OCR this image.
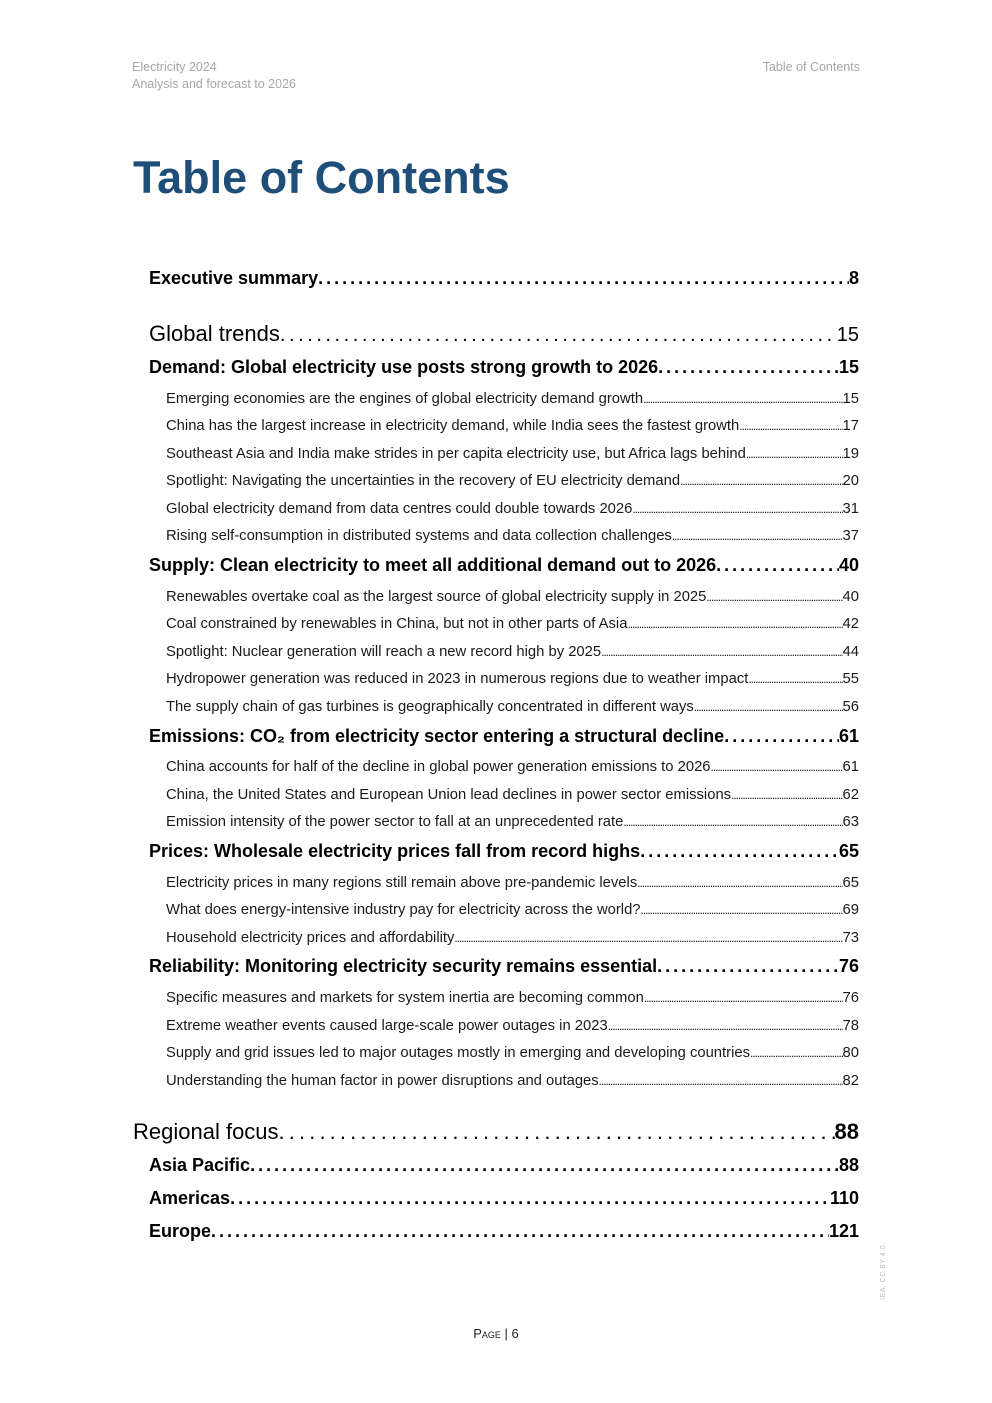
Electricity 2024
Analysis and forecast to 2026
Table of Contents
Table of Contents
Executive summary . . .	8
Global trends . . .	15
Demand: Global electricity use posts strong growth to 2026 . . .	15
Emerging economies are the engines of global electricity demand growth . . .	15
China has the largest increase in electricity demand, while India sees the fastest growth . . .	17
Southeast Asia and India make strides in per capita electricity use, but Africa lags behind . . .	19
Spotlight: Navigating the uncertainties in the recovery of EU electricity demand . . .	20
Global electricity demand from data centres could double towards 2026 . . .	31
Rising self-consumption in distributed systems and data collection challenges . . .	37
Supply: Clean electricity to meet all additional demand out to 2026 . . .	40
Renewables overtake coal as the largest source of global electricity supply in 2025 . . .	40
Coal constrained by renewables in China, but not in other parts of Asia . . .	42
Spotlight: Nuclear generation will reach a new record high by 2025 . . .	44
Hydropower generation was reduced in 2023 in numerous regions due to weather impact . . .	55
The supply chain of gas turbines is geographically concentrated in different ways . . .	56
Emissions: CO₂ from electricity sector entering a structural decline . . .	61
China accounts for half of the decline in global power generation emissions to 2026 . . .	61
China, the United States and European Union lead declines in power sector emissions . . .	62
Emission intensity of the power sector to fall at an unprecedented rate . . .	63
Prices: Wholesale electricity prices fall from record highs . . .	65
Electricity prices in many regions still remain above pre-pandemic levels . . .	65
What does energy-intensive industry pay for electricity across the world? . . .	69
Household electricity prices and affordability . . .	73
Reliability: Monitoring electricity security remains essential . . .	76
Specific measures and markets for system inertia are becoming common . . .	76
Extreme weather events caused large-scale power outages in 2023 . . .	78
Supply and grid issues led to major outages mostly in emerging and developing countries . . .	80
Understanding the human factor in power disruptions and outages . . .	82
Regional focus . . .	88
Asia Pacific . . .	88
Americas . . .	110
Europe . . .	121
Page | 6
IEA. CC BY 4.0.
